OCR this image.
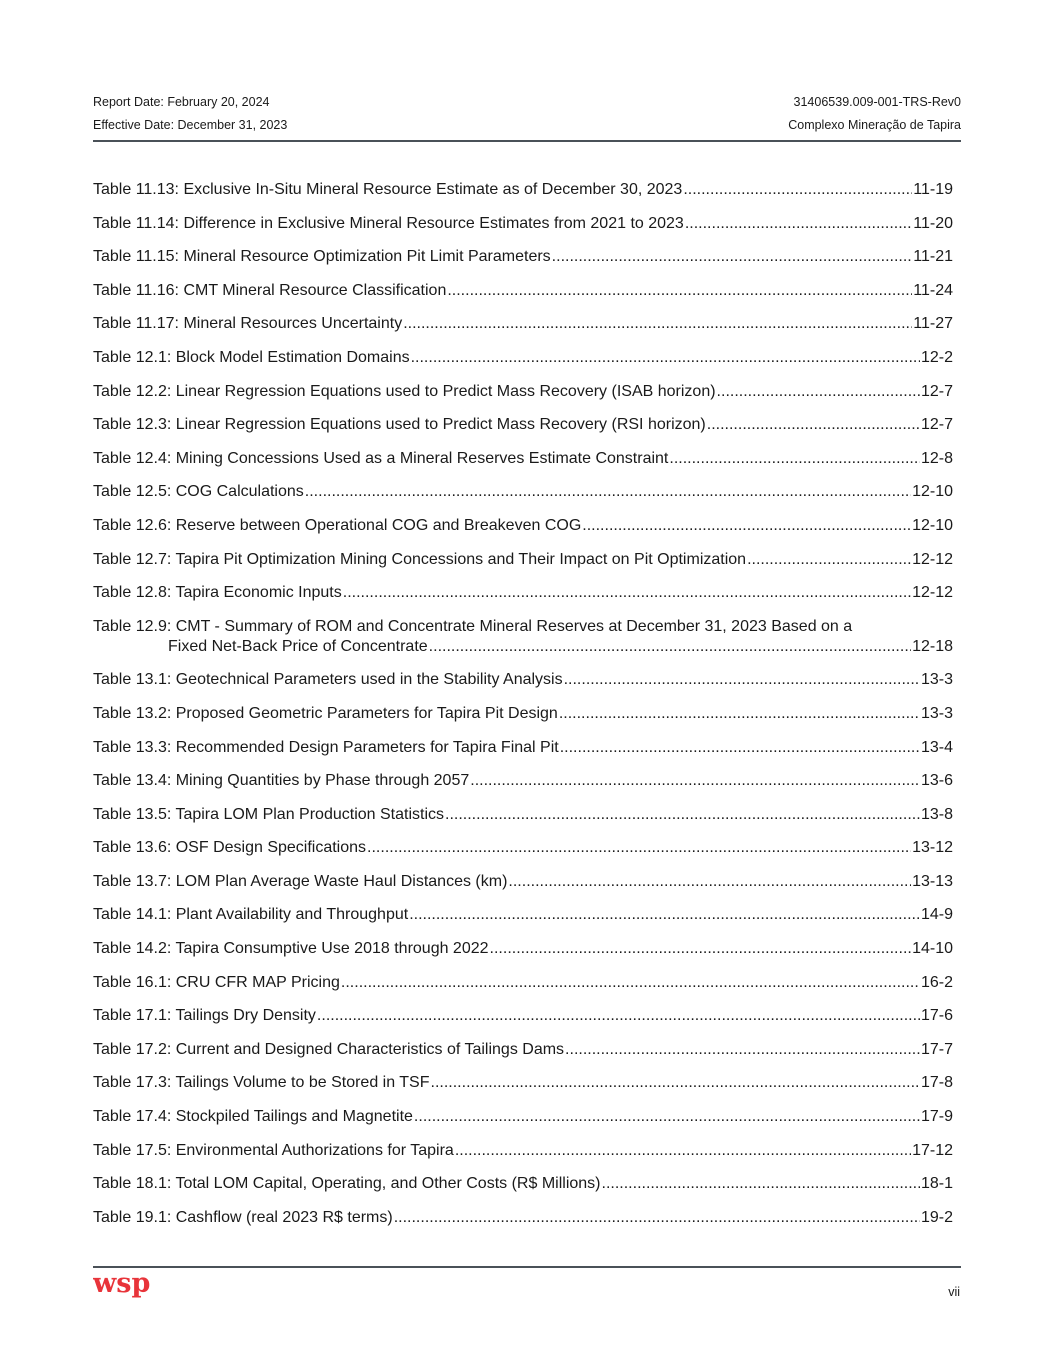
Report Date: February 20, 2024	31406539.009-001-TRS-Rev0
Effective Date: December 31, 2023	Complexo Mineração de Tapira
Table 11.13: Exclusive In-Situ Mineral Resource Estimate as of December 30, 2023 .....	11-19
Table 11.14: Difference in Exclusive Mineral Resource Estimates from 2021 to 2023 .....	11-20
Table 11.15: Mineral Resource Optimization Pit Limit Parameters .....	11-21
Table 11.16: CMT Mineral Resource Classification .....	11-24
Table 11.17: Mineral Resources Uncertainty .....	11-27
Table 12.1: Block Model Estimation Domains .....	12-2
Table 12.2: Linear Regression Equations used to Predict Mass Recovery (ISAB horizon) .....	12-7
Table 12.3: Linear Regression Equations used to Predict Mass Recovery (RSI horizon) .....	12-7
Table 12.4: Mining Concessions Used as a Mineral Reserves Estimate Constraint .....	12-8
Table 12.5: COG Calculations .....	12-10
Table 12.6: Reserve between Operational COG and Breakeven COG .....	12-10
Table 12.7: Tapira Pit Optimization Mining Concessions and Their Impact on Pit Optimization .....	12-12
Table 12.8: Tapira Economic Inputs .....	12-12
Table 12.9: CMT - Summary of ROM and Concentrate Mineral Reserves at December 31, 2023 Based on a
Fixed Net-Back Price of Concentrate .....	12-18
Table 13.1: Geotechnical Parameters used in the Stability Analysis .....	13-3
Table 13.2: Proposed Geometric Parameters for Tapira Pit Design .....	13-3
Table 13.3: Recommended Design Parameters for Tapira Final Pit .....	13-4
Table 13.4: Mining Quantities by Phase through 2057 .....	13-6
Table 13.5: Tapira LOM Plan Production Statistics .....	13-8
Table 13.6: OSF Design Specifications .....	13-12
Table 13.7: LOM Plan Average Waste Haul Distances (km) .....	13-13
Table 14.1: Plant Availability and Throughput .....	14-9
Table 14.2: Tapira Consumptive Use 2018 through 2022 .....	14-10
Table 16.1: CRU CFR MAP Pricing .....	16-2
Table 17.1: Tailings Dry Density .....	17-6
Table 17.2: Current and Designed Characteristics of Tailings Dams .....	17-7
Table 17.3: Tailings Volume to be Stored in TSF .....	17-8
Table 17.4: Stockpiled Tailings and Magnetite .....	17-9
Table 17.5: Environmental Authorizations for Tapira .....	17-12
Table 18.1: Total LOM Capital, Operating, and Other Costs (R$ Millions) .....	18-1
Table 19.1: Cashflow (real 2023 R$ terms) .....	19-2
wsp	vii
